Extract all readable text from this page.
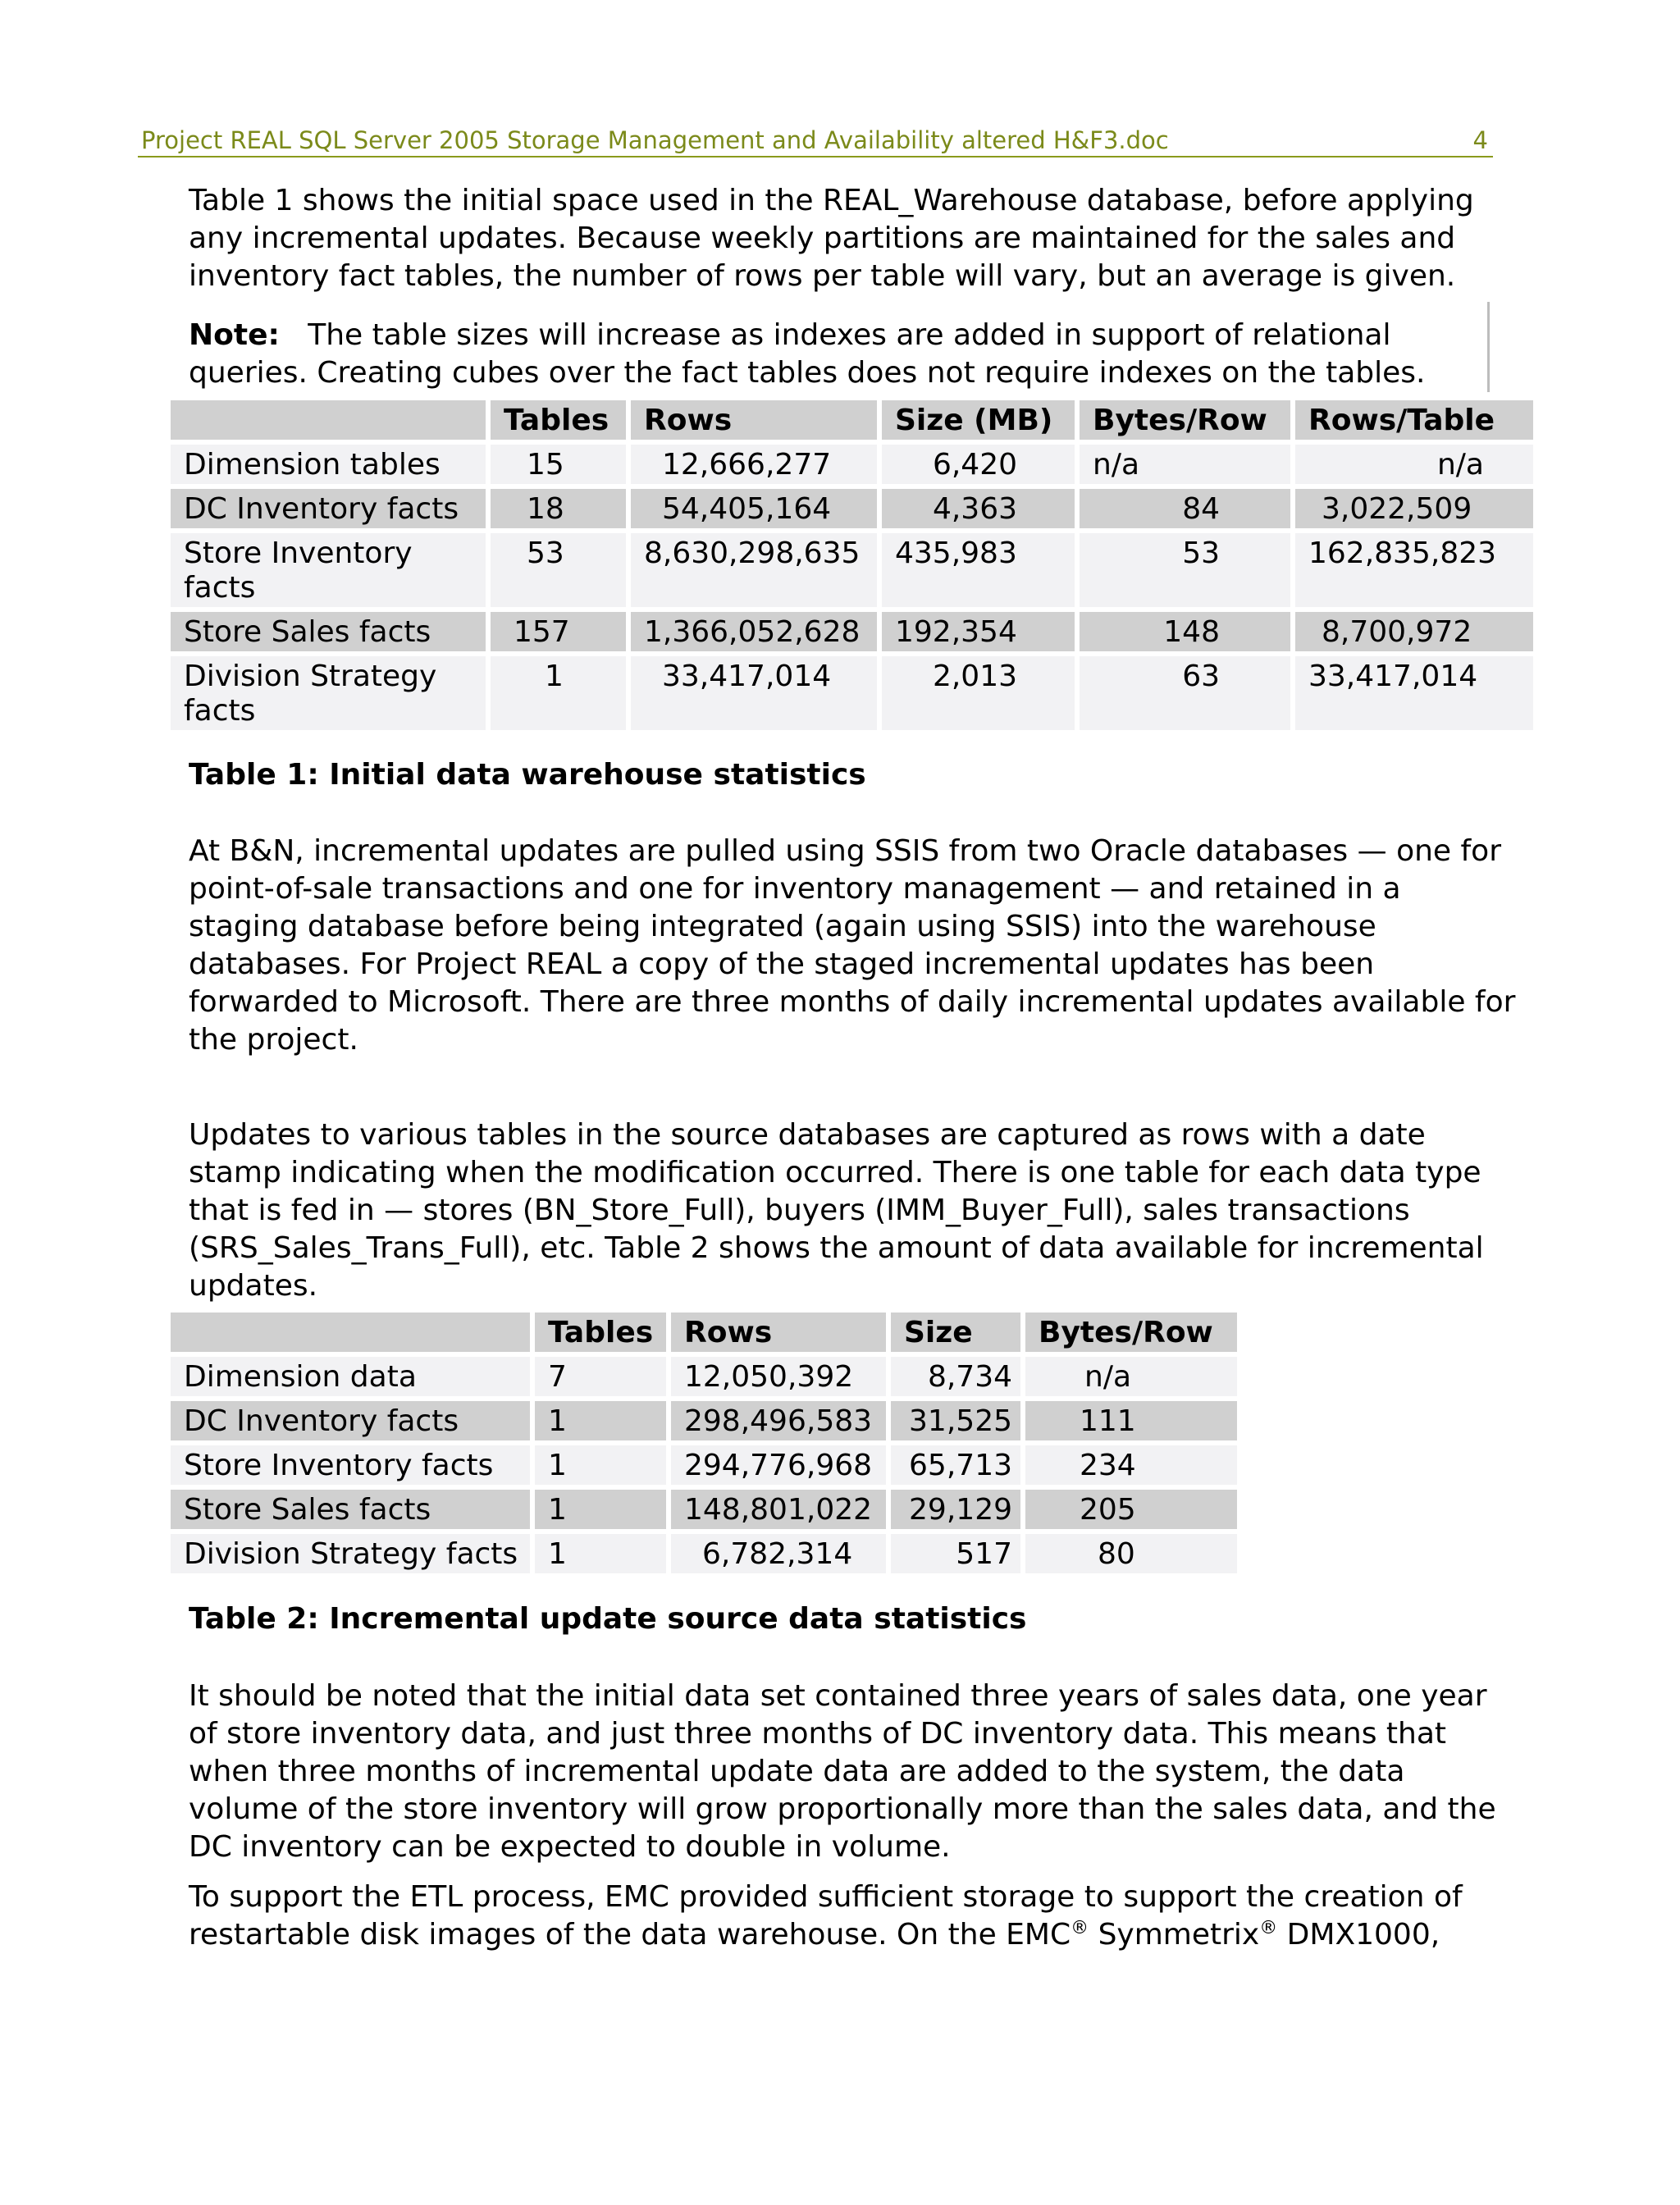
Project REAL SQL Server 2005 Storage Management and Availability altered H&F3.doc	4

Table 1 shows the initial space used in the REAL_Warehouse database, before applying any incremental updates. Because weekly partitions are maintained for the sales and inventory fact tables, the number of rows per table will vary, but an average is given.

Note: The table sizes will increase as indexes are added in support of relational queries. Creating cubes over the fact tables does not require indexes on the tables.

	Tables	Rows	Size (MB)	Bytes/Row	Rows/Table
Dimension tables	15	12,666,277	6,420	n/a	n/a
DC Inventory facts	18	54,405,164	4,363	84	3,022,509
Store Inventory facts	53	8,630,298,635	435,983	53	162,835,823
Store Sales facts	157	1,366,052,628	192,354	148	8,700,972
Division Strategy facts	1	33,417,014	2,013	63	33,417,014
Table 1: Initial data warehouse statistics

At B&N, incremental updates are pulled using SSIS from two Oracle databases — one for point-of-sale transactions and one for inventory management — and retained in a staging database before being integrated (again using SSIS) into the warehouse databases. For Project REAL a copy of the staged incremental updates has been forwarded to Microsoft. There are three months of daily incremental updates available for the project.

Updates to various tables in the source databases are captured as rows with a date stamp indicating when the modification occurred. There is one table for each data type that is fed in — stores (BN_Store_Full), buyers (IMM_Buyer_Full), sales transactions (SRS_Sales_Trans_Full), etc. Table 2 shows the amount of data available for incremental updates.

	Tables	Rows	Size	Bytes/Row
Dimension data	7	12,050,392	8,734	n/a
DC Inventory facts	1	298,496,583	31,525	111
Store Inventory facts	1	294,776,968	65,713	234
Store Sales facts	1	148,801,022	29,129	205
Division Strategy facts	1	6,782,314	517	80
Table 2: Incremental update source data statistics

It should be noted that the initial data set contained three years of sales data, one year of store inventory data, and just three months of DC inventory data. This means that when three months of incremental update data are added to the system, the data volume of the store inventory will grow proportionally more than the sales data, and the DC inventory can be expected to double in volume.

To support the ETL process, EMC provided sufficient storage to support the creation of restartable disk images of the data warehouse. On the EMC® Symmetrix® DMX1000,
